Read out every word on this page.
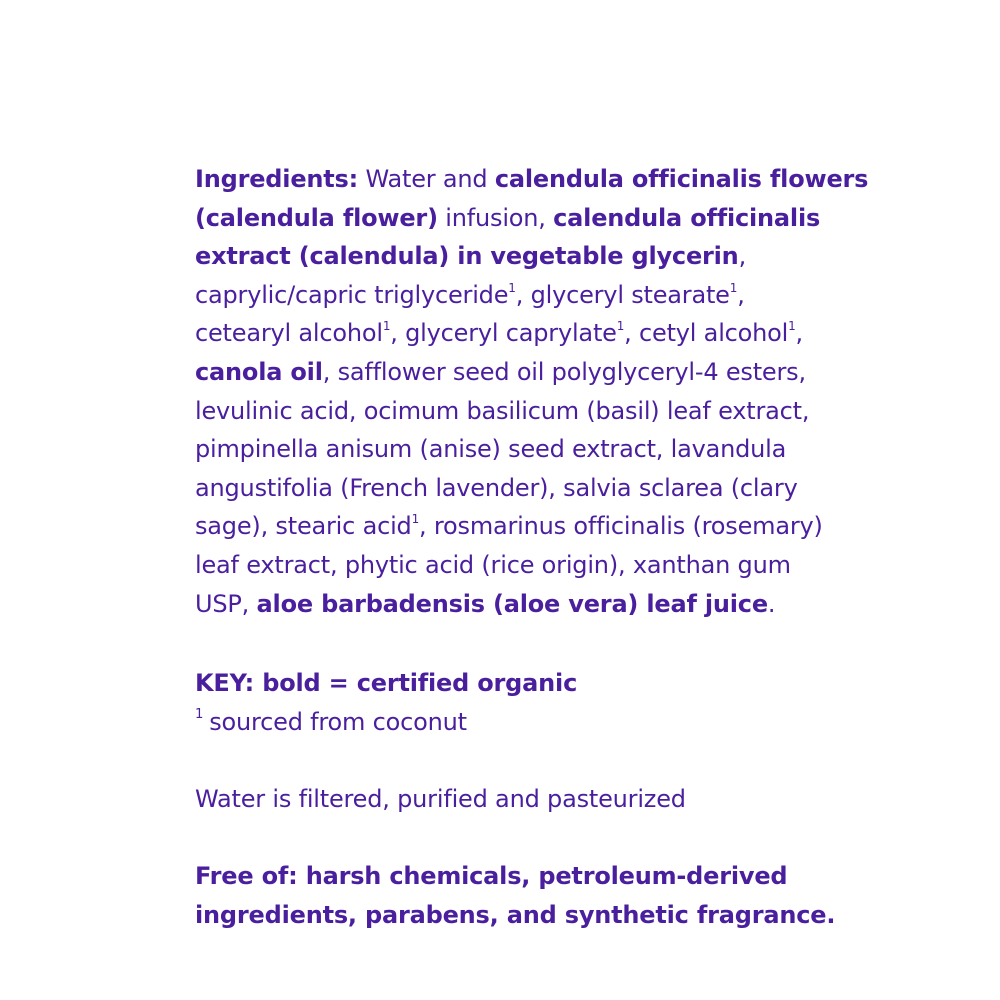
Ingredients: Water and calendula officinalis flowers
(calendula flower) infusion, calendula officinalis
extract (calendula) in vegetable glycerin,
caprylic/capric triglyceride$^1$, glyceryl stearate$^1$,
cetearyl alcohol$^1$, glyceryl caprylate$^1$, cetyl alcohol$^1$,
canola oil, safflower seed oil polyglyceryl-4 esters,
levulinic acid, ocimum basilicum (basil) leaf extract,
pimpinella anisum (anise) seed extract, lavandula
angustifolia (French lavender), salvia sclarea (clary
sage), stearic acid$^1$, rosmarinus officinalis (rosemary)
leaf extract, phytic acid (rice origin), xanthan gum
USP, aloe barbadensis (aloe vera) leaf juice.
KEY: bold = certified organic
$^1$ sourced from coconut
Water is filtered, purified and pasteurized
Free of: harsh chemicals, petroleum-derived
ingredients, parabens, and synthetic fragrance.
